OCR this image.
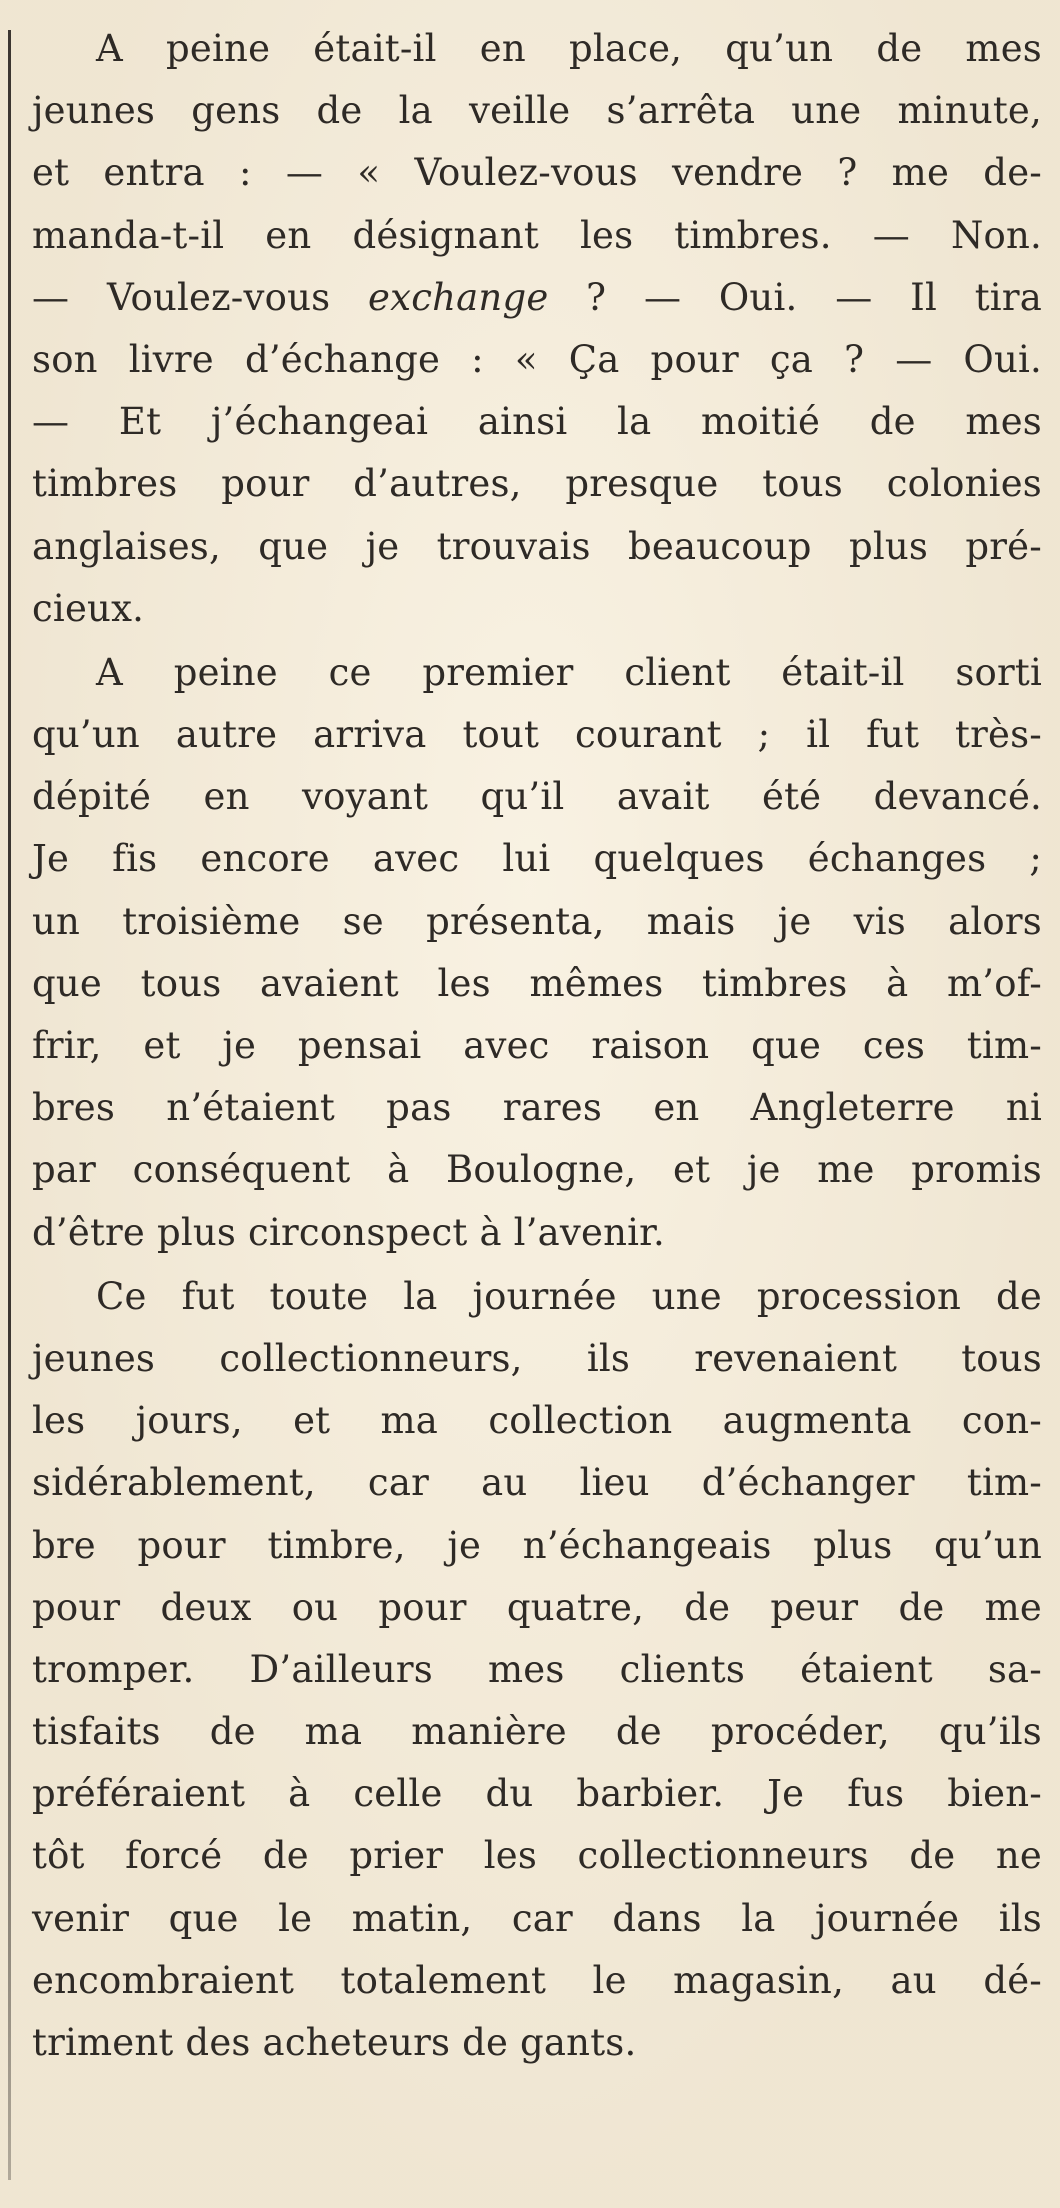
A peine était-il en place, qu’un de mes
jeunes gens de la veille s’arrêta une minute,
et entra : — « Voulez-vous vendre ? me de-
manda-t-il en désignant les timbres. — Non.
— Voulez-vous exchange ? — Oui. — Il tira
son livre d’échange : « Ça pour ça ? — Oui.
— Et j’échangeai ainsi la moitié de mes
timbres pour d’autres, presque tous colonies
anglaises, que je trouvais beaucoup plus pré-
cieux.
A peine ce premier client était-il sorti
qu’un autre arriva tout courant ; il fut très-
dépité en voyant qu’il avait été devancé.
Je fis encore avec lui quelques échanges ;
un troisième se présenta, mais je vis alors
que tous avaient les mêmes timbres à m’of-
frir, et je pensai avec raison que ces tim-
bres n’étaient pas rares en Angleterre ni
par conséquent à Boulogne, et je me promis
d’être plus circonspect à l’avenir.
Ce fut toute la journée une procession de
jeunes collectionneurs, ils revenaient tous
les jours, et ma collection augmenta con-
sidérablement, car au lieu d’échanger tim-
bre pour timbre, je n’échangeais plus qu’un
pour deux ou pour quatre, de peur de me
tromper. D’ailleurs mes clients étaient sa-
tisfaits de ma manière de procéder, qu’ils
préféraient à celle du barbier. Je fus bien-
tôt forcé de prier les collectionneurs de ne
venir que le matin, car dans la journée ils
encombraient totalement le magasin, au dé-
triment des acheteurs de gants.
